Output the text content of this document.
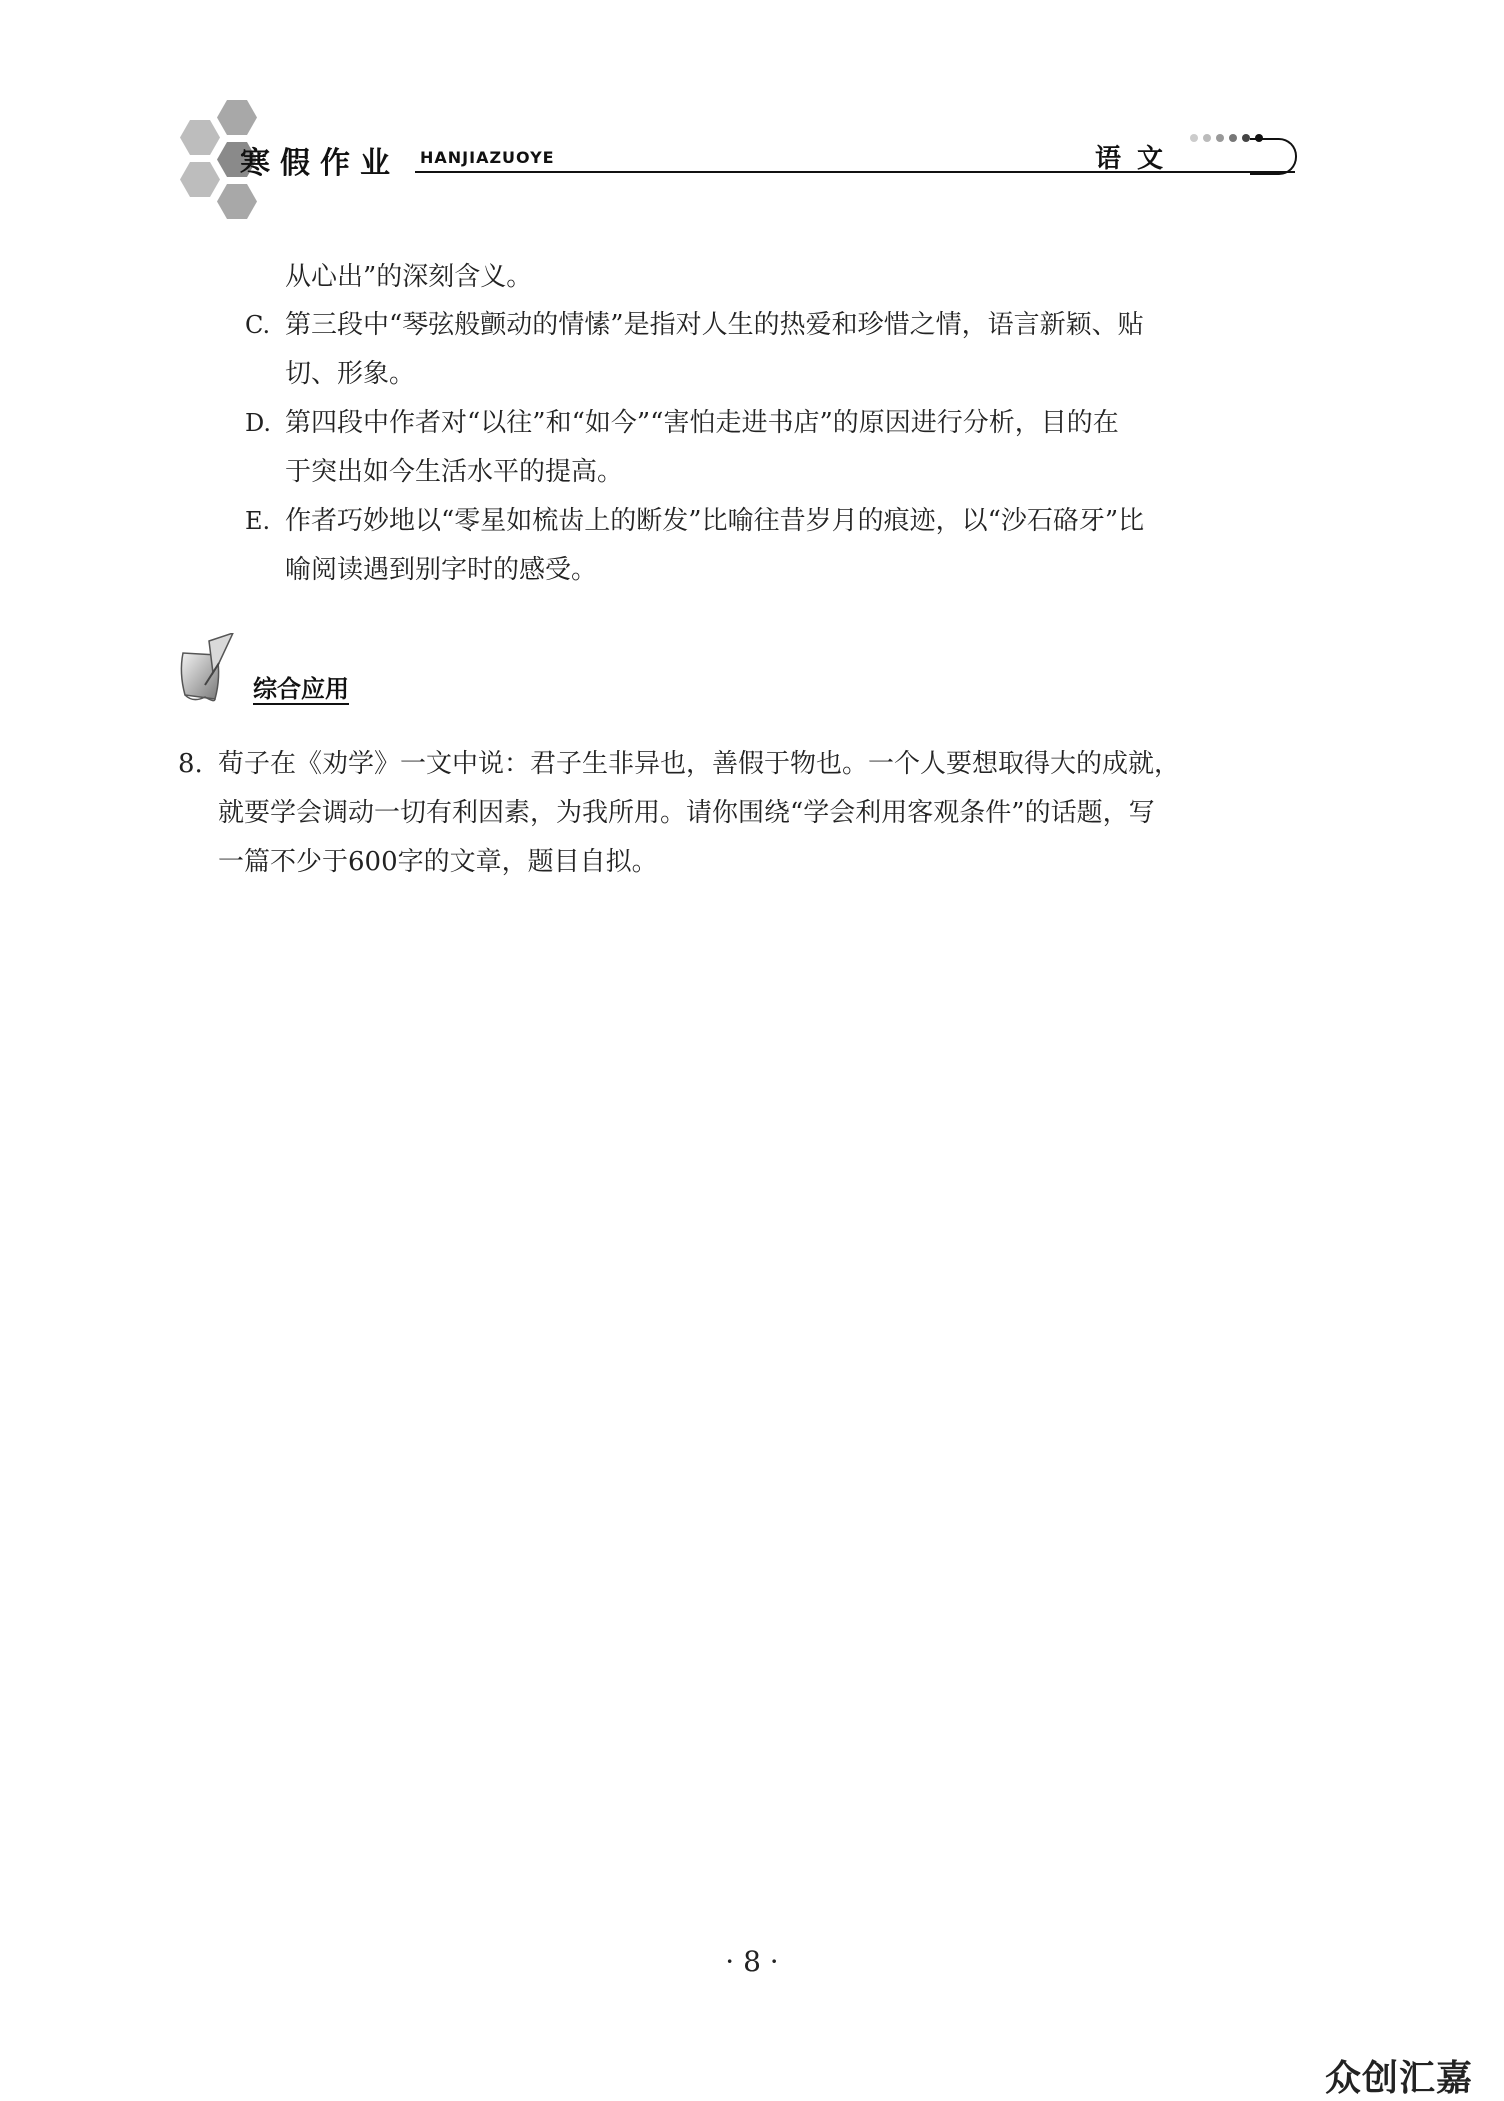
寒假作业 HANJIAZUOYE	语文
从心出”的深刻含义。
C. 第三段中“琴弦般颤动的情愫”是指对人生的热爱和珍惜之情，语言新颖、贴
切、形象。
D. 第四段中作者对“以往”和“如今”“害怕走进书店”的原因进行分析，目的在
于突出如今生活水平的提高。
E. 作者巧妙地以“零星如梳齿上的断发”比喻往昔岁月的痕迹，以“沙石硌牙”比
喻阅读遇到别字时的感受。
综合应用
8. 荀子在《劝学》一文中说：君子生非异也，善假于物也。一个人要想取得大的成就，
就要学会调动一切有利因素，为我所用。请你围绕“学会利用客观条件”的话题，写
一篇不少于600字的文章，题目自拟。
· 8 ·
众创汇嘉
